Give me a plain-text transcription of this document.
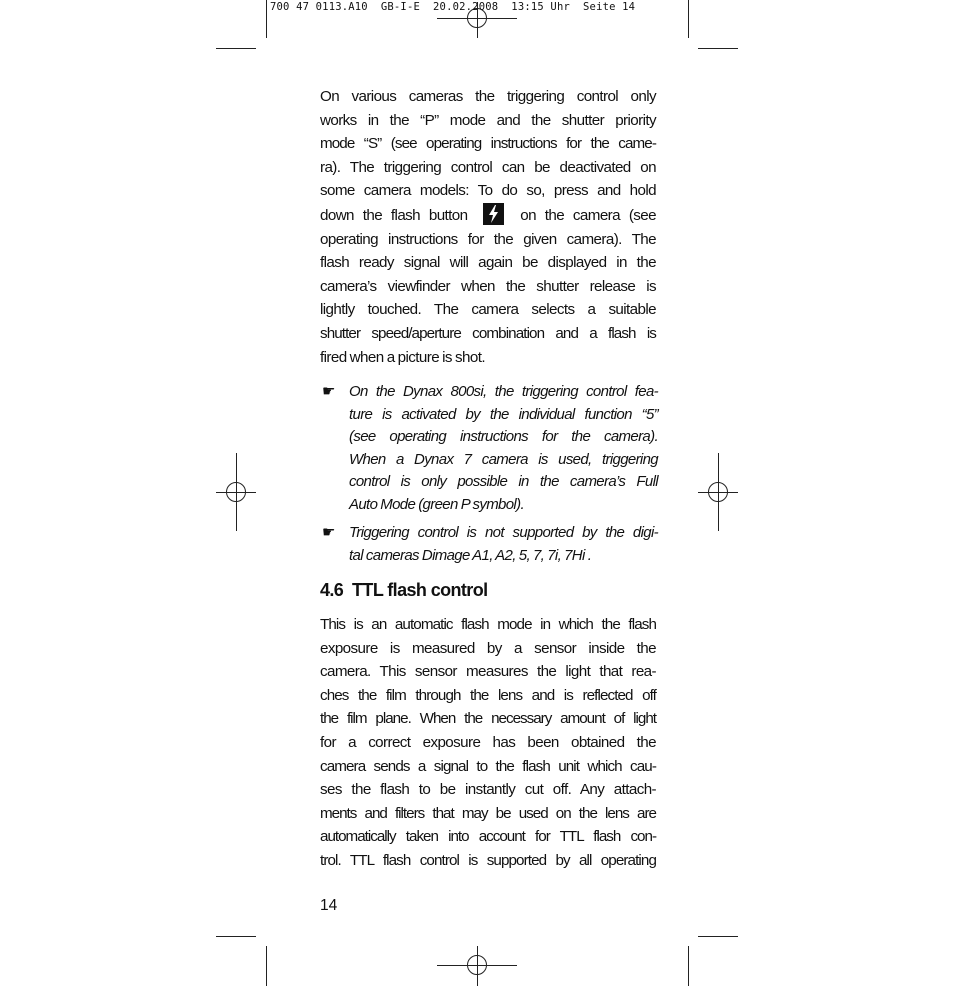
700 47 0113.A10  GB-I-E  20.02.2008  13:15 Uhr  Seite 14
On various cameras the triggering control only
works in the “P” mode and the shutter priority
mode “S” (see operating instructions for the came-
ra). The triggering control can be deactivated on
some camera models: To do so, press and hold
down the flash button	on the camera (see
operating instructions for the given camera). The
flash ready signal will again be displayed in the
camera’s viewfinder when the shutter release is
lightly touched. The camera selects a suitable
shutter speed/aperture combination and a flash is
fired when a picture is shot.
☛ On the Dynax 800si, the triggering control fea-
ture is activated by the individual function “5”
(see operating instructions for the camera).
When a Dynax 7 camera is used, triggering
control is only possible in the camera’s Full
Auto Mode (green P symbol).
☛ Triggering control is not supported by the digi-
tal cameras Dimage A1, A2, 5, 7, 7i, 7Hi .
4.6  TTL flash control
This is an automatic flash mode in which the flash
exposure is measured by a sensor inside the
camera. This sensor measures the light that rea-
ches the film through the lens and is reflected off
the film plane. When the necessary amount of light
for a correct exposure has been obtained the
camera sends a signal to the flash unit which cau-
ses the flash to be instantly cut off. Any attach-
ments and filters that may be used on the lens are
automatically taken into account for TTL flash con-
trol. TTL flash control is supported by all operating
14
